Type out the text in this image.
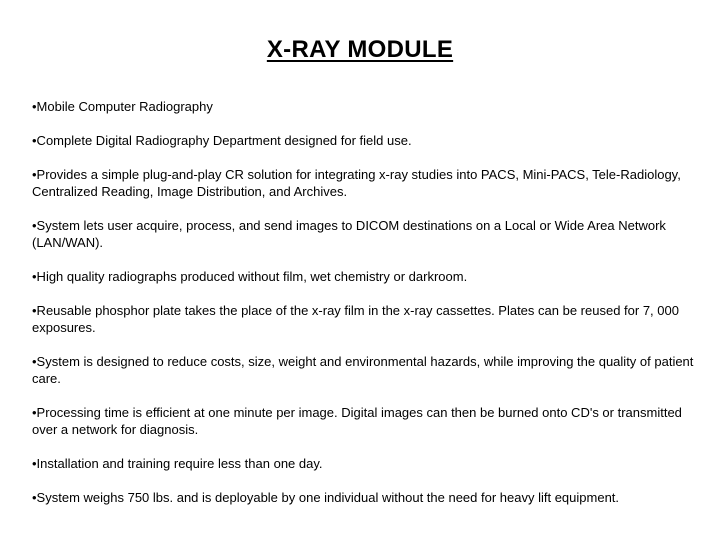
X-RAY MODULE
•Mobile Computer Radiography
•Complete Digital Radiography Department designed for field use.
•Provides a simple plug-and-play CR solution for integrating x-ray studies into PACS, Mini-PACS, Tele-Radiology, Centralized Reading, Image Distribution, and Archives.
•System lets user acquire, process, and send images to DICOM destinations on a Local or Wide Area Network (LAN/WAN).
•High quality radiographs produced without film, wet chemistry or darkroom.
•Reusable phosphor plate takes the place of the x-ray film in the x-ray cassettes. Plates can be reused for 7, 000 exposures.
•System is designed to reduce costs, size, weight and environmental hazards, while improving the quality of patient care.
•Processing time is efficient at one minute per image. Digital images can then be burned onto CD's or transmitted over a network for diagnosis.
•Installation and training require less than one day.
•System weighs 750 lbs. and is deployable by one individual without the need for heavy lift equipment.
